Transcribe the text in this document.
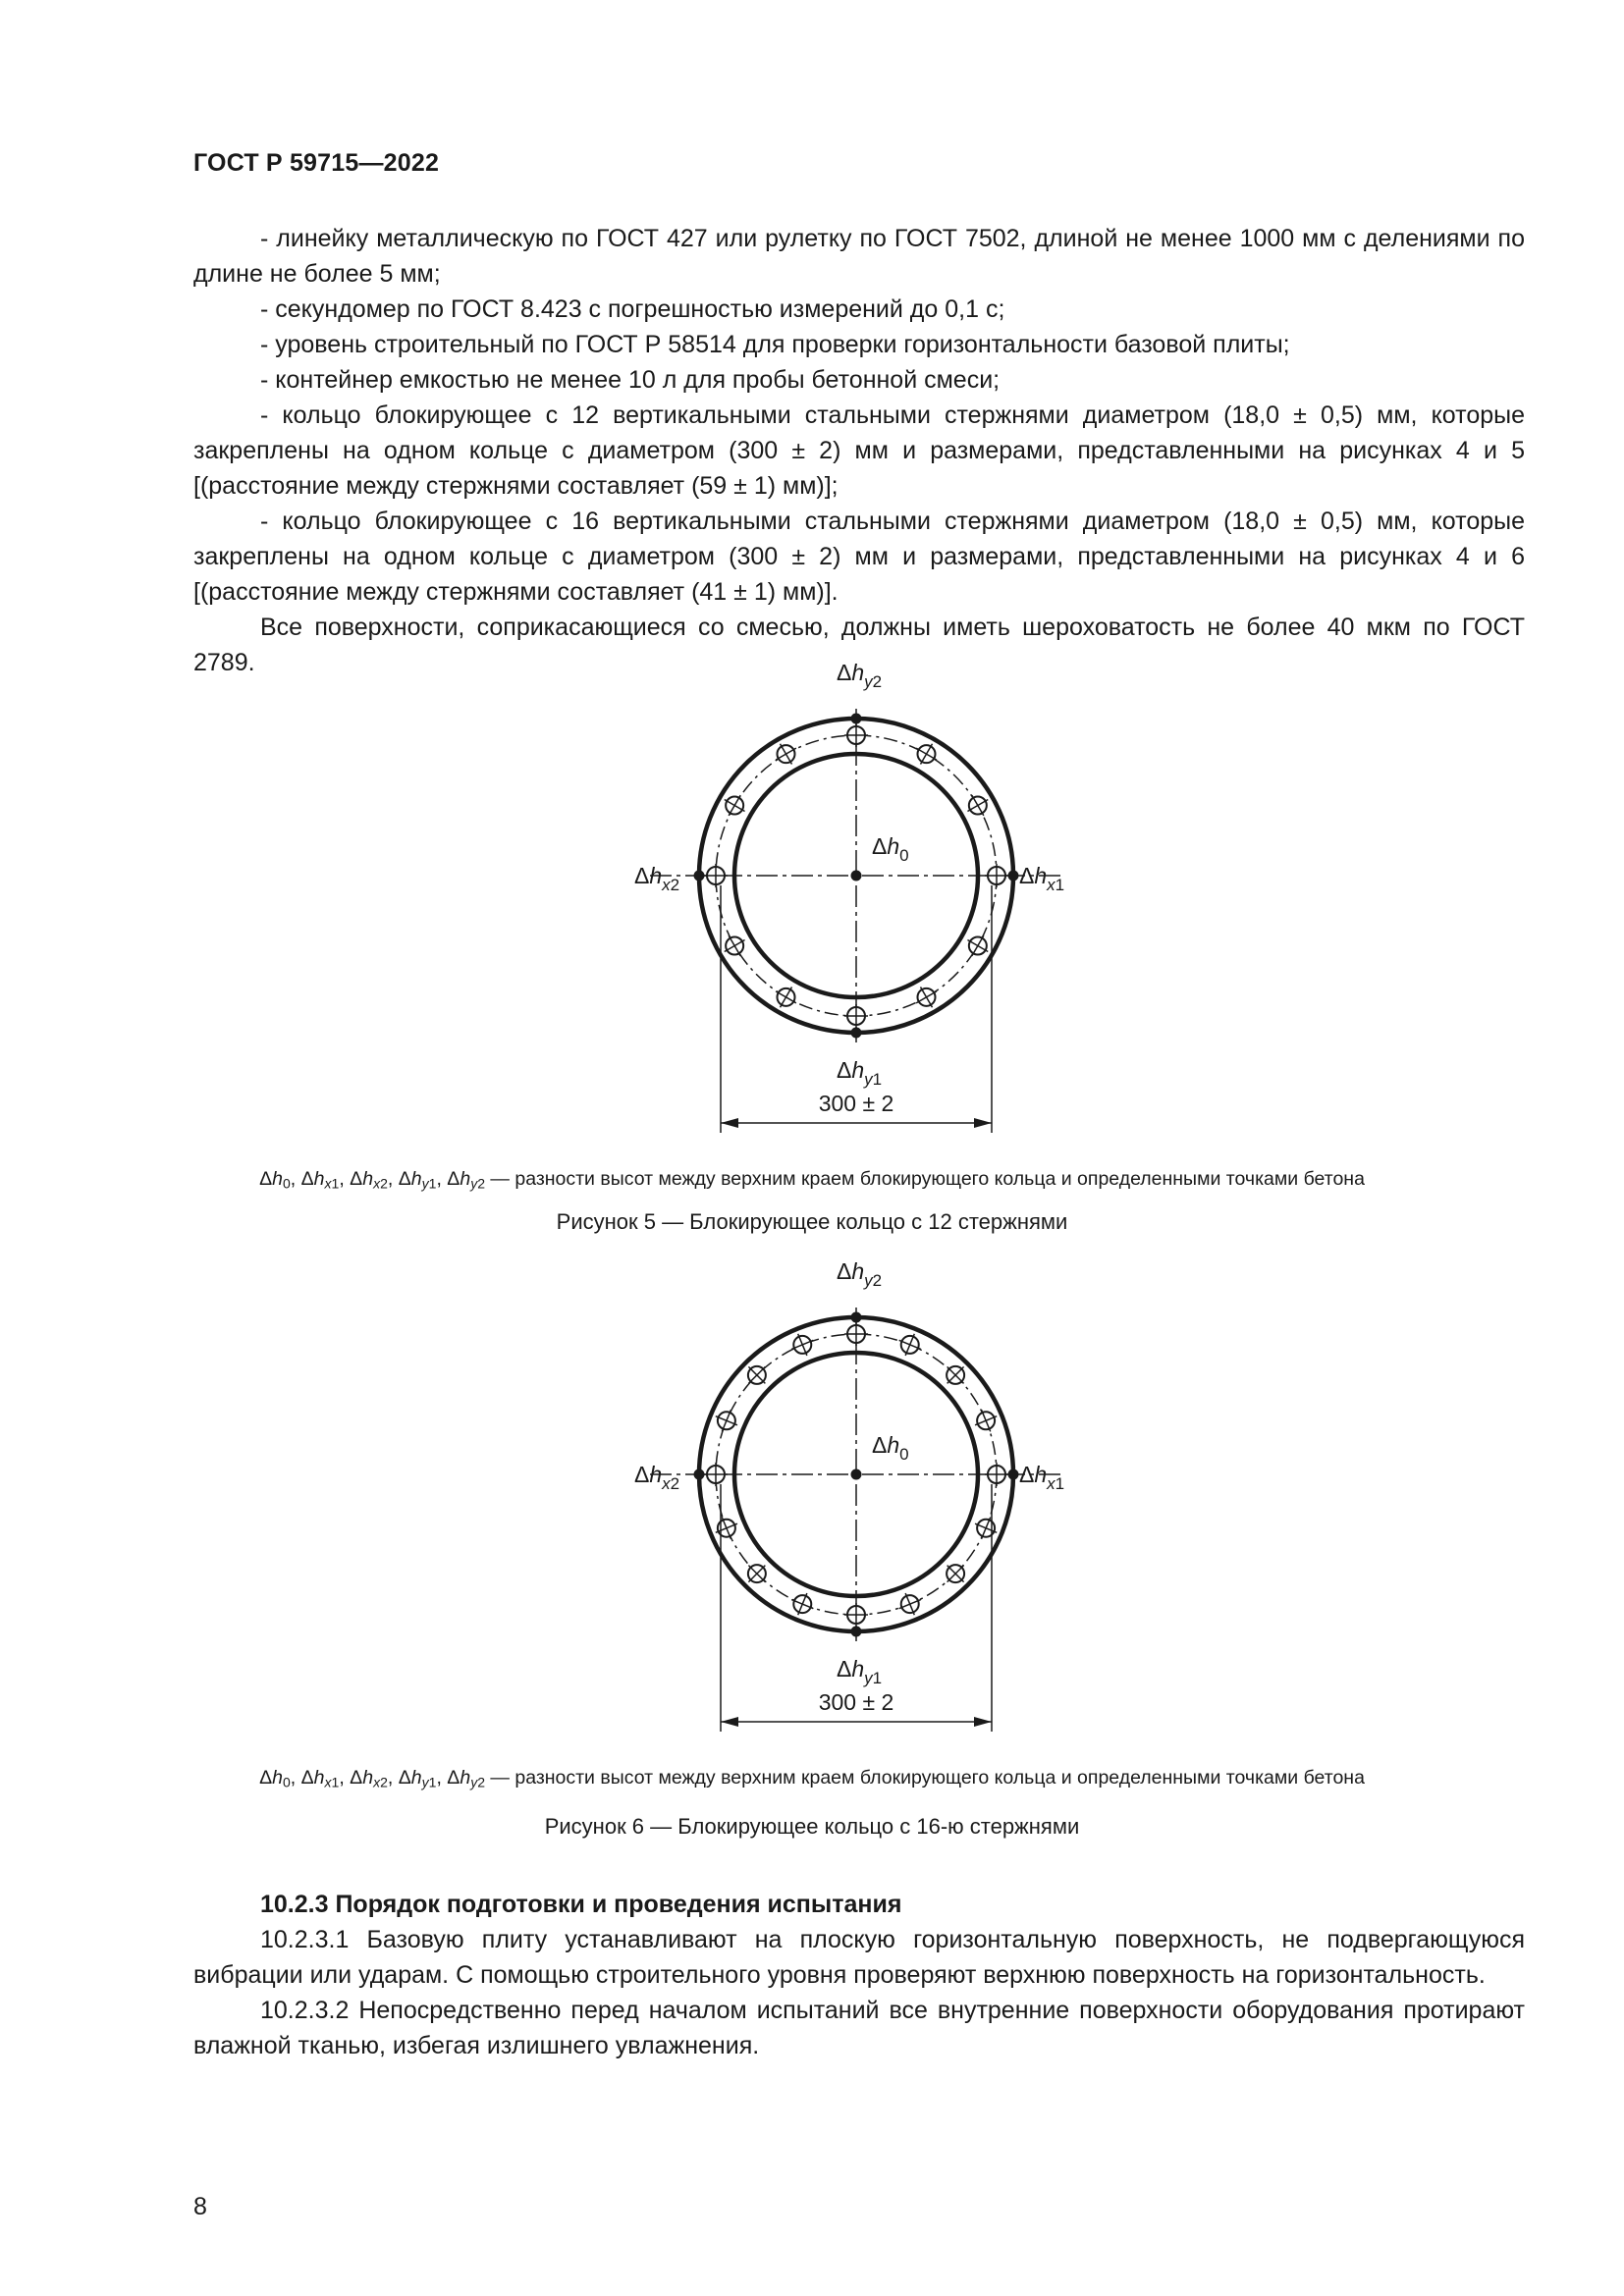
ГОСТ Р 59715—2022

- линейку металлическую по ГОСТ 427 или рулетку по ГОСТ 7502, длиной не менее 1000 мм с делениями по длине не более 5 мм;

- секундомер по ГОСТ 8.423 с погрешностью измерений до 0,1 с;

- уровень строительный по ГОСТ Р 58514 для проверки горизонтальности базовой плиты;

- контейнер емкостью не менее 10 л для пробы бетонной смеси;

- кольцо блокирующее с 12 вертикальными стальными стержнями диаметром (18,0 ± 0,5) мм, которые закреплены на одном кольце с диаметром (300 ± 2) мм и размерами, представленными на рисунках 4 и 5 [(расстояние между стержнями составляет (59 ± 1) мм)];

- кольцо блокирующее с 16 вертикальными стальными стержнями диаметром (18,0 ± 0,5) мм, которые закреплены на одном кольце с диаметром (300 ± 2) мм и размерами, представленными на рисунках 4 и 6 [(расстояние между стержнями составляет (41 ± 1) мм)].

Все поверхности, соприкасающиеся со смесью, должны иметь шероховатость не более 40 мкм по ГОСТ 2789.	$\Delta h_y2$
$\Delta h_y1$
$\Delta h_x2$	$\Delta h_x1$
$\Delta h_0$
300 ± 2
$\Delta h_0$, $\Delta h_{x1}$, $\Delta h_{x2}$, $\Delta h_{y1}$, $\Delta h_{y2}$ — разности высот между верхним краем блокирующего кольца и определенными точками бетона
Рисунок 5 — Блокирующее кольцо с 12 стержнями
$\Delta h_y2$
$\Delta h_y1$
$\Delta h_x2$	$\Delta h_x1$
$\Delta h_0$
300 ± 2
$\Delta h_0$, $\Delta h_{x1}$, $\Delta h_{x2}$, $\Delta h_{y1}$, $\Delta h_{y2}$ — разности высот между верхним краем блокирующего кольца и определенными точками бетона
Рисунок 6 — Блокирующее кольцо с 16-ю стержнями

10.2.3 Порядок подготовки и проведения испытания

10.2.3.1 Базовую плиту устанавливают на плоскую горизонтальную поверхность, не подвергающуюся вибрации или ударам. С помощью строительного уровня проверяют верхнюю поверхность на горизонтальность.

10.2.3.2 Непосредственно перед началом испытаний все внутренние поверхности оборудования протирают влажной тканью, избегая излишнего увлажнения.

8
